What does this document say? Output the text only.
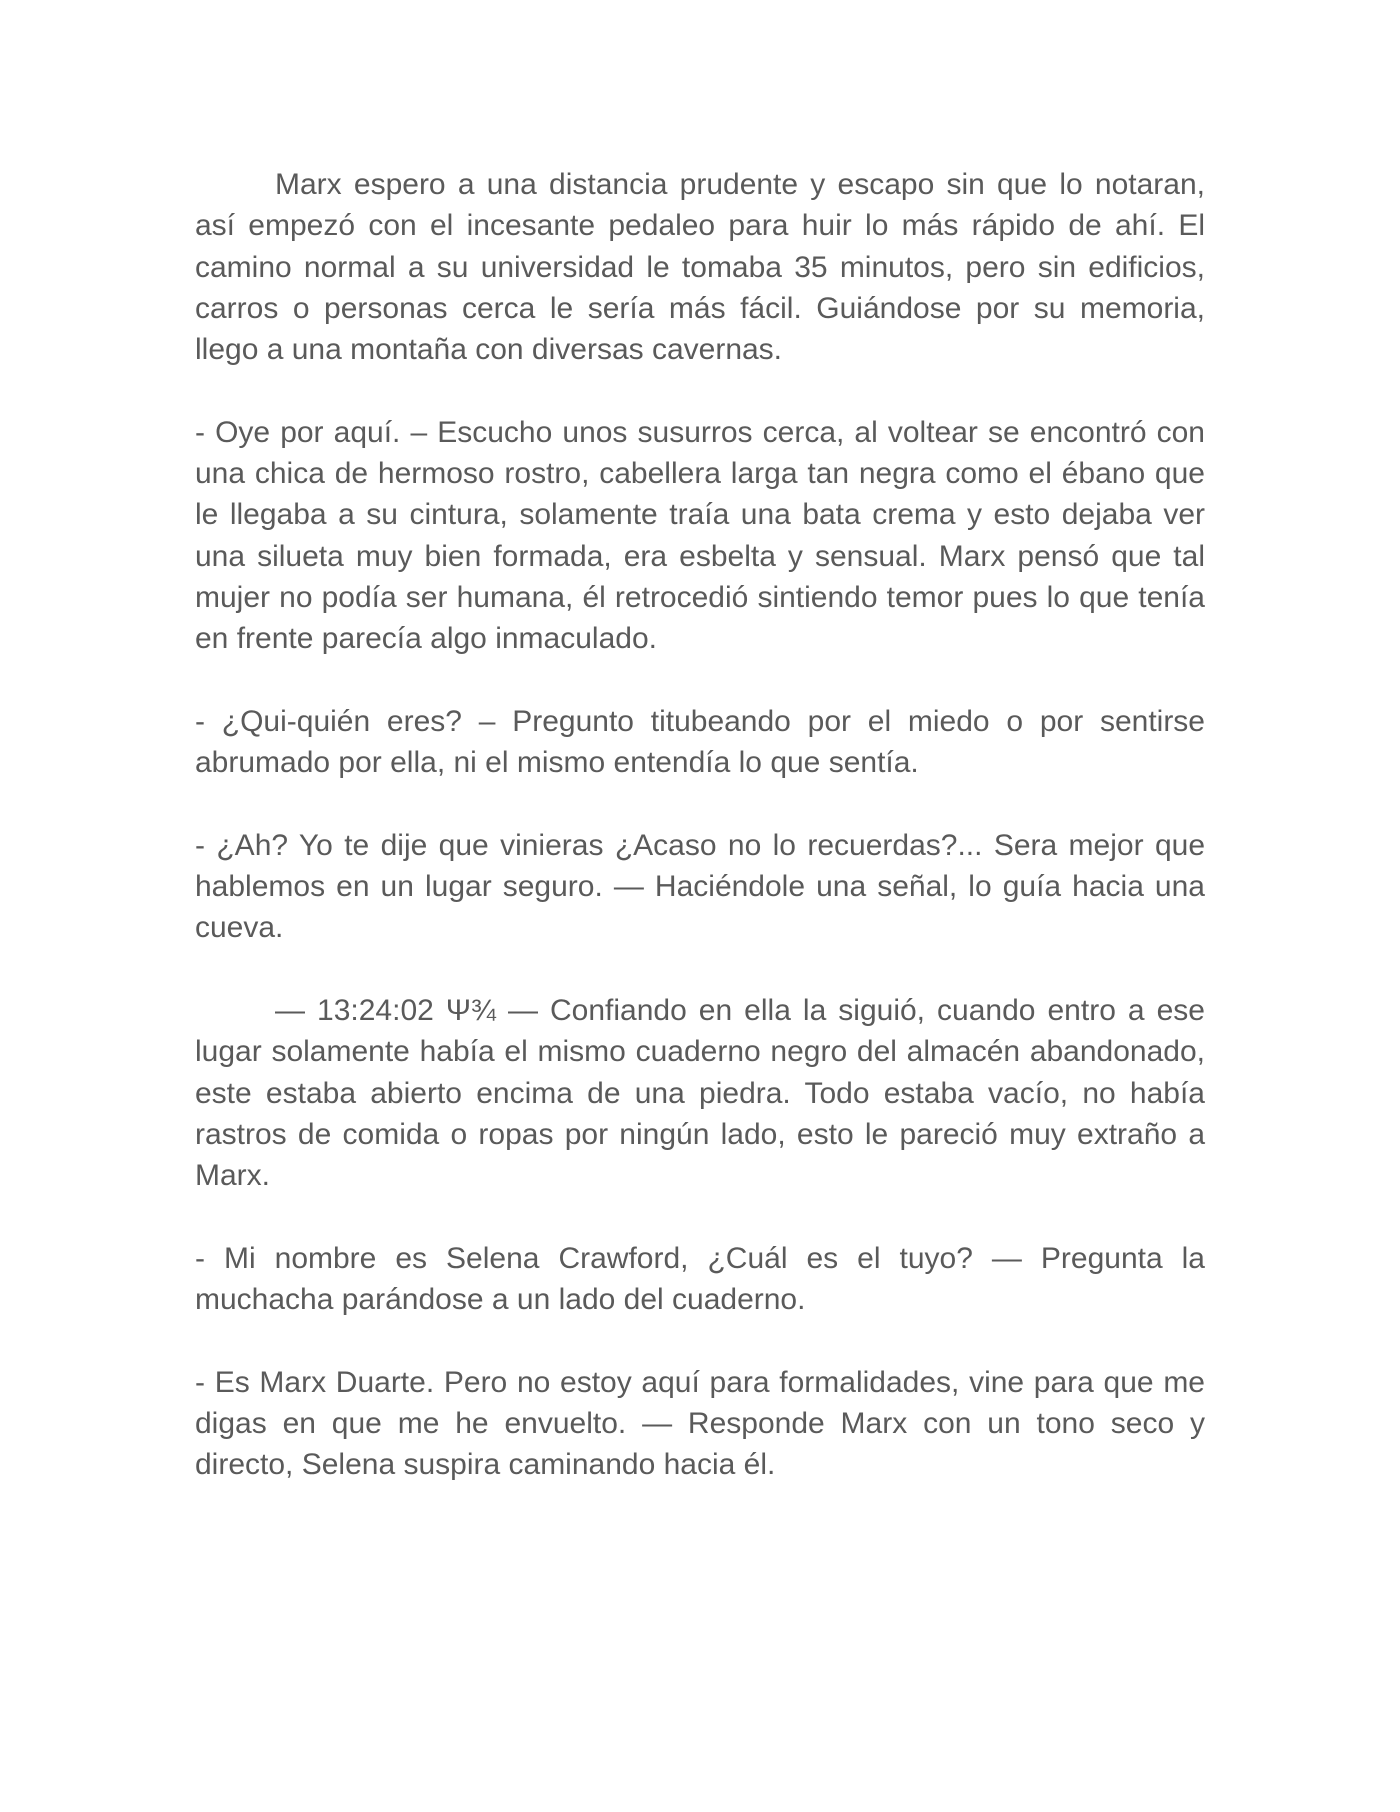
Marx espero a una distancia prudente y escapo sin que lo notaran, así empezó con el incesante pedaleo para huir lo más rápido de ahí. El camino normal a su universidad le tomaba 35 minutos, pero sin edificios, carros o personas cerca le sería más fácil. Guiándose por su memoria, llego a una montaña con diversas cavernas.

- Oye por aquí. – Escucho unos susurros cerca, al voltear se encontró con una chica de hermoso rostro, cabellera larga tan negra como el ébano que le llegaba a su cintura, solamente traía una bata crema y esto dejaba ver una silueta muy bien formada, era esbelta y sensual. Marx pensó que tal mujer no podía ser humana, él retrocedió sintiendo temor pues lo que tenía en frente parecía algo inmaculado.

- ¿Qui-quién eres? – Pregunto titubeando por el miedo o por sentirse abrumado por ella, ni el mismo entendía lo que sentía.

- ¿Ah? Yo te dije que vinieras ¿Acaso no lo recuerdas?... Sera mejor que hablemos en un lugar seguro. — Haciéndole una señal, lo guía hacia una cueva.

— 13:24:02 Ψ¾ — Confiando en ella la siguió, cuando entro a ese lugar solamente había el mismo cuaderno negro del almacén abandonado, este estaba abierto encima de una piedra. Todo estaba vacío, no había rastros de comida o ropas por ningún lado, esto le pareció muy extraño a Marx.

- Mi nombre es Selena Crawford, ¿Cuál es el tuyo? — Pregunta la muchacha parándose a un lado del cuaderno.

- Es Marx Duarte. Pero no estoy aquí para formalidades, vine para que me digas en que me he envuelto. — Responde Marx con un tono seco y directo, Selena suspira caminando hacia él.
